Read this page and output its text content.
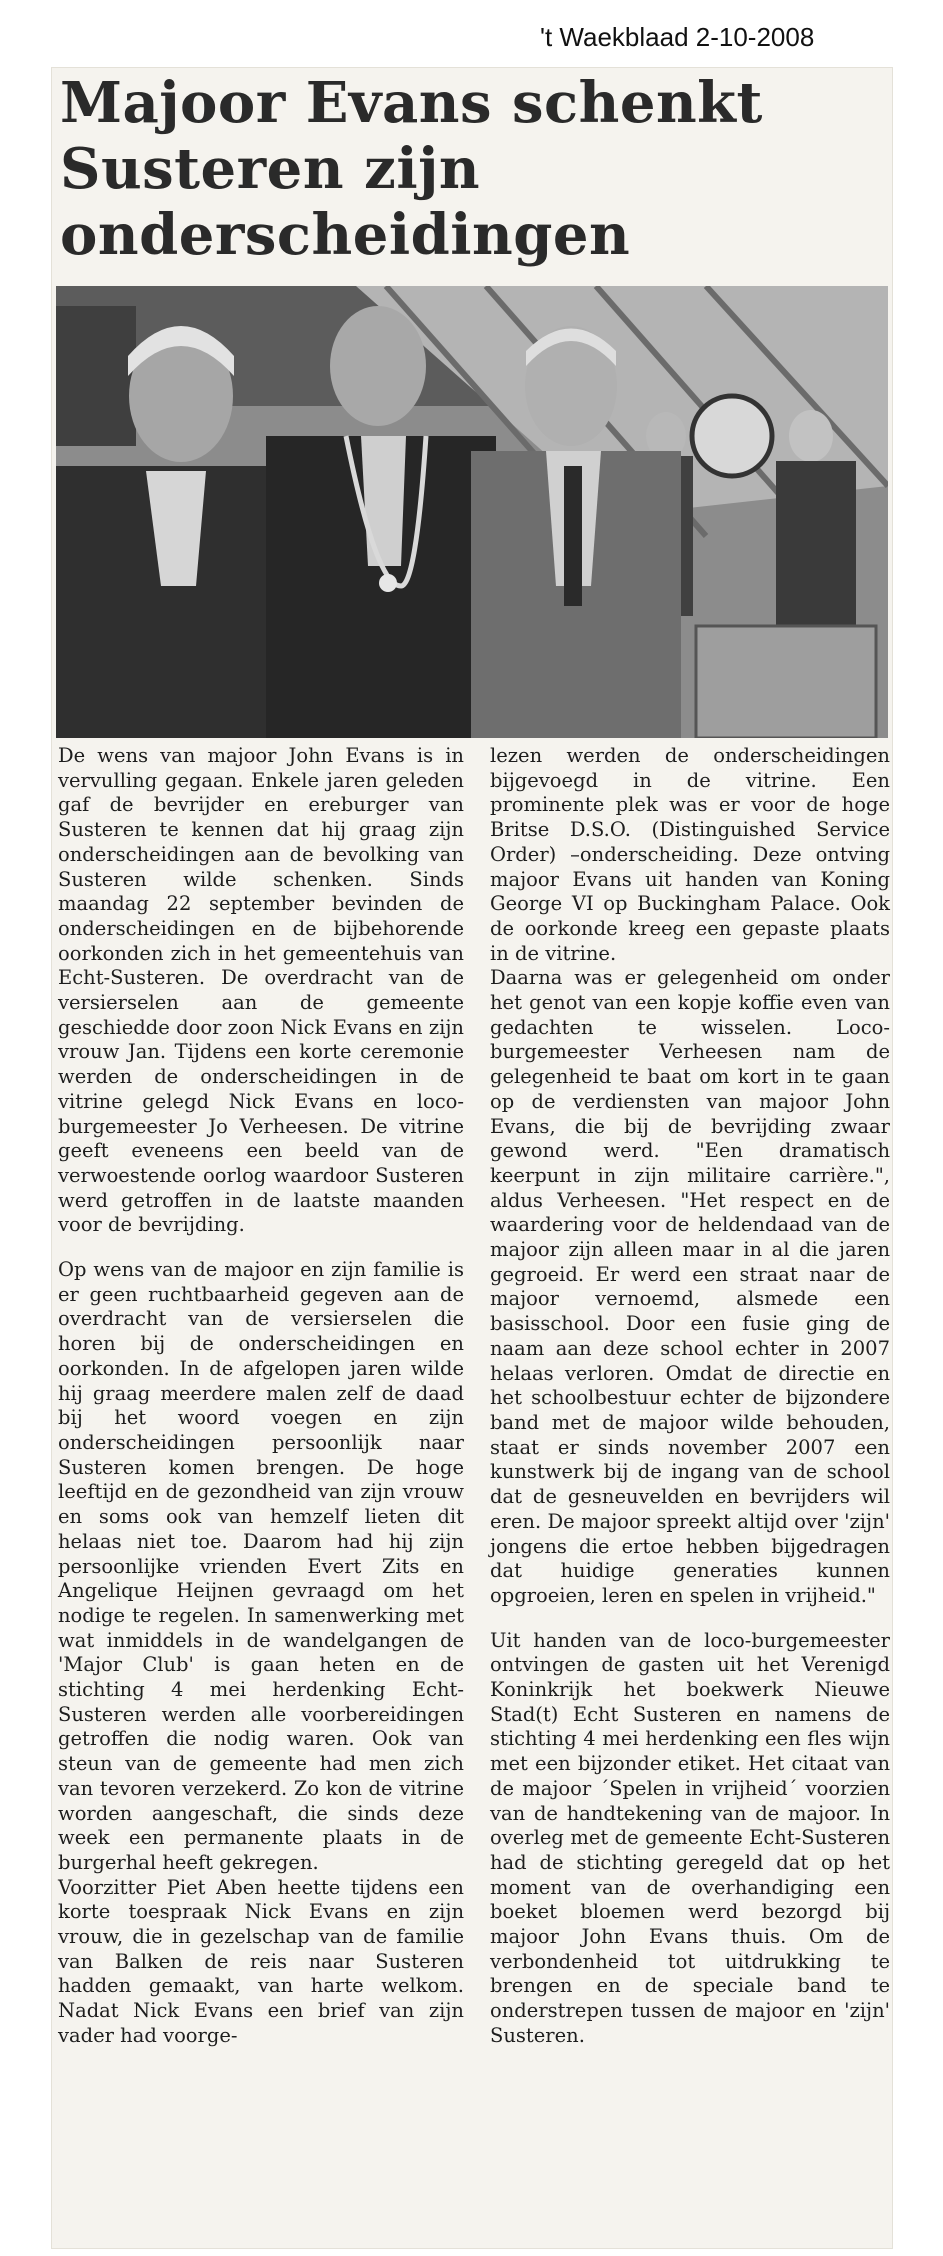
't Waekblaad 2-10-2008
Majoor Evans schenkt Susteren zijn onderscheidingen

De wens van majoor John Evans is in vervulling gegaan. Enkele jaren geleden gaf de bevrijder en ereburger van Susteren te kennen dat hij graag zijn onderscheidingen aan de bevolking van Susteren wilde schenken. Sinds maandag 22 september bevinden de onderscheidingen en de bijbehorende oorkonden zich in het gemeentehuis van Echt-Susteren. De overdracht van de versierselen aan de gemeente geschiedde door zoon Nick Evans en zijn vrouw Jan. Tijdens een korte ceremonie werden de onderscheidingen in de vitrine gelegd Nick Evans en loco-burgemeester Jo Verheesen. De vitrine geeft eveneens een beeld van de verwoestende oorlog waardoor Susteren werd getroffen in de laatste maanden voor de bevrijding.

Op wens van de majoor en zijn familie is er geen ruchtbaarheid gegeven aan de overdracht van de versierselen die horen bij de onderscheidingen en oorkonden. In de afgelopen jaren wilde hij graag meerdere malen zelf de daad bij het woord voegen en zijn onderscheidingen persoonlijk naar Susteren komen brengen. De hoge leeftijd en de gezondheid van zijn vrouw en soms ook van hemzelf lieten dit helaas niet toe. Daarom had hij zijn persoonlijke vrienden Evert Zits en Angelique Heijnen gevraagd om het nodige te regelen. In samenwerking met wat inmiddels in de wandelgangen de 'Major Club' is gaan heten en de stichting 4 mei herdenking Echt-Susteren werden alle voorbereidingen getroffen die nodig waren. Ook van steun van de gemeente had men zich van tevoren verzekerd. Zo kon de vitrine worden aangeschaft, die sinds deze week een permanente plaats in de burgerhal heeft gekregen.

Voorzitter Piet Aben heette tijdens een korte toespraak Nick Evans en zijn vrouw, die in gezelschap van de familie van Balken de reis naar Susteren hadden gemaakt, van harte welkom. Nadat Nick Evans een brief van zijn vader had voorge-

lezen werden de onderscheidingen bijgevoegd in de vitrine. Een prominente plek was er voor de hoge Britse D.S.O. (Distinguished Service Order) –onderscheiding. Deze ontving majoor Evans uit handen van Koning George VI op Buckingham Palace. Ook de oorkonde kreeg een gepaste plaats in de vitrine.

Daarna was er gelegenheid om onder het genot van een kopje koffie even van gedachten te wisselen. Loco-burgemeester Verheesen nam de gelegenheid te baat om kort in te gaan op de verdiensten van majoor John Evans, die bij de bevrijding zwaar gewond werd. "Een dramatisch keerpunt in zijn militaire carrière.", aldus Verheesen. "Het respect en de waardering voor de heldendaad van de majoor zijn alleen maar in al die jaren gegroeid. Er werd een straat naar de majoor vernoemd, alsmede een basisschool. Door een fusie ging de naam aan deze school echter in 2007 helaas verloren. Omdat de directie en het schoolbestuur echter de bijzondere band met de majoor wilde behouden, staat er sinds november 2007 een kunstwerk bij de ingang van de school dat de gesneuvelden en bevrijders wil eren. De majoor spreekt altijd over 'zijn' jongens die ertoe hebben bijgedragen dat huidige generaties kunnen opgroeien, leren en spelen in vrijheid."

Uit handen van de loco-burgemeester ontvingen de gasten uit het Verenigd Koninkrijk het boekwerk Nieuwe Stad(t) Echt Susteren en namens de stichting 4 mei herdenking een fles wijn met een bijzonder etiket. Het citaat van de majoor ´Spelen in vrijheid´ voorzien van de handtekening van de majoor. In overleg met de gemeente Echt-Susteren had de stichting geregeld dat op het moment van de overhandiging een boeket bloemen werd bezorgd bij majoor John Evans thuis. Om de verbondenheid tot uitdrukking te brengen en de speciale band te onderstrepen tussen de majoor en 'zijn' Susteren.
